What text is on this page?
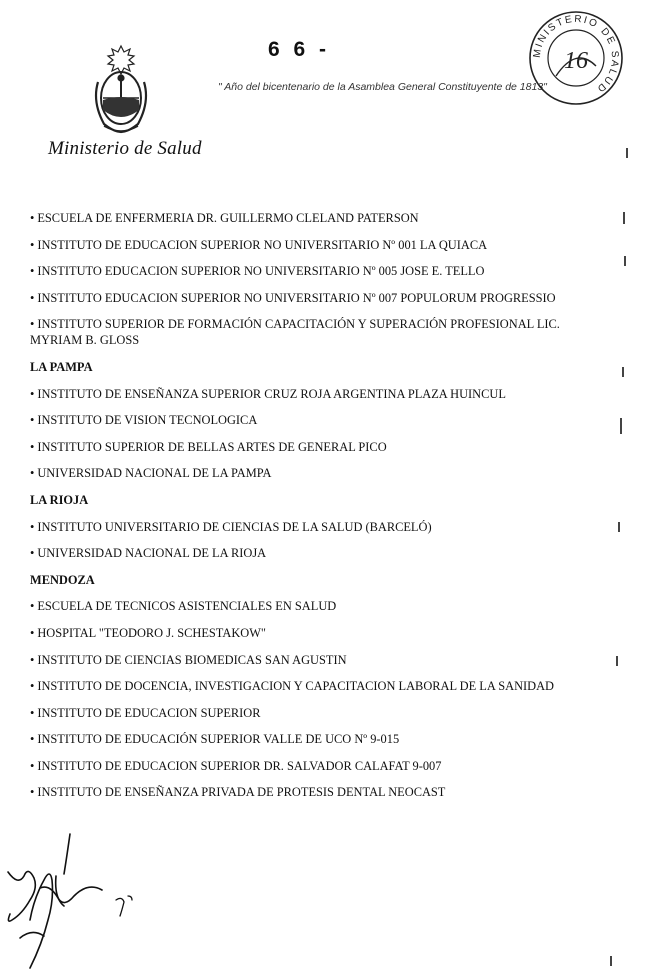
Ministerio de Salud
6 6 -
" Año del bicentenario de la Asamblea General Constituyente de 1813"
MINISTERIO DE SALUD
16
• ESCUELA DE ENFERMERIA DR. GUILLERMO CLELAND PATERSON
• INSTITUTO DE EDUCACION SUPERIOR NO UNIVERSITARIO Nº 001 LA QUIACA
• INSTITUTO EDUCACION SUPERIOR NO UNIVERSITARIO Nº 005 JOSE E. TELLO
• INSTITUTO EDUCACION SUPERIOR NO UNIVERSITARIO Nº 007 POPULORUM PROGRESSIO
• INSTITUTO SUPERIOR DE FORMACIÓN CAPACITACIÓN Y SUPERACIÓN PROFESIONAL LIC. MYRIAM B. GLOSS
LA PAMPA
• INSTITUTO DE ENSEÑANZA SUPERIOR CRUZ ROJA ARGENTINA PLAZA HUINCUL
• INSTITUTO DE VISION TECNOLOGICA
• INSTITUTO SUPERIOR DE BELLAS ARTES DE GENERAL PICO
• UNIVERSIDAD NACIONAL DE LA PAMPA
LA RIOJA
• INSTITUTO UNIVERSITARIO DE CIENCIAS DE LA SALUD (BARCELÓ)
• UNIVERSIDAD NACIONAL DE LA RIOJA
MENDOZA
• ESCUELA DE TECNICOS ASISTENCIALES EN SALUD
• HOSPITAL "TEODORO J. SCHESTAKOW"
• INSTITUTO DE CIENCIAS BIOMEDICAS SAN AGUSTIN
• INSTITUTO DE DOCENCIA, INVESTIGACION Y CAPACITACION LABORAL DE LA SANIDAD
• INSTITUTO DE EDUCACION SUPERIOR
• INSTITUTO DE EDUCACIÓN SUPERIOR VALLE DE UCO Nº 9-015
• INSTITUTO DE EDUCACION SUPERIOR DR. SALVADOR CALAFAT 9-007
• INSTITUTO DE ENSEÑANZA PRIVADA DE PROTESIS DENTAL NEOCAST
